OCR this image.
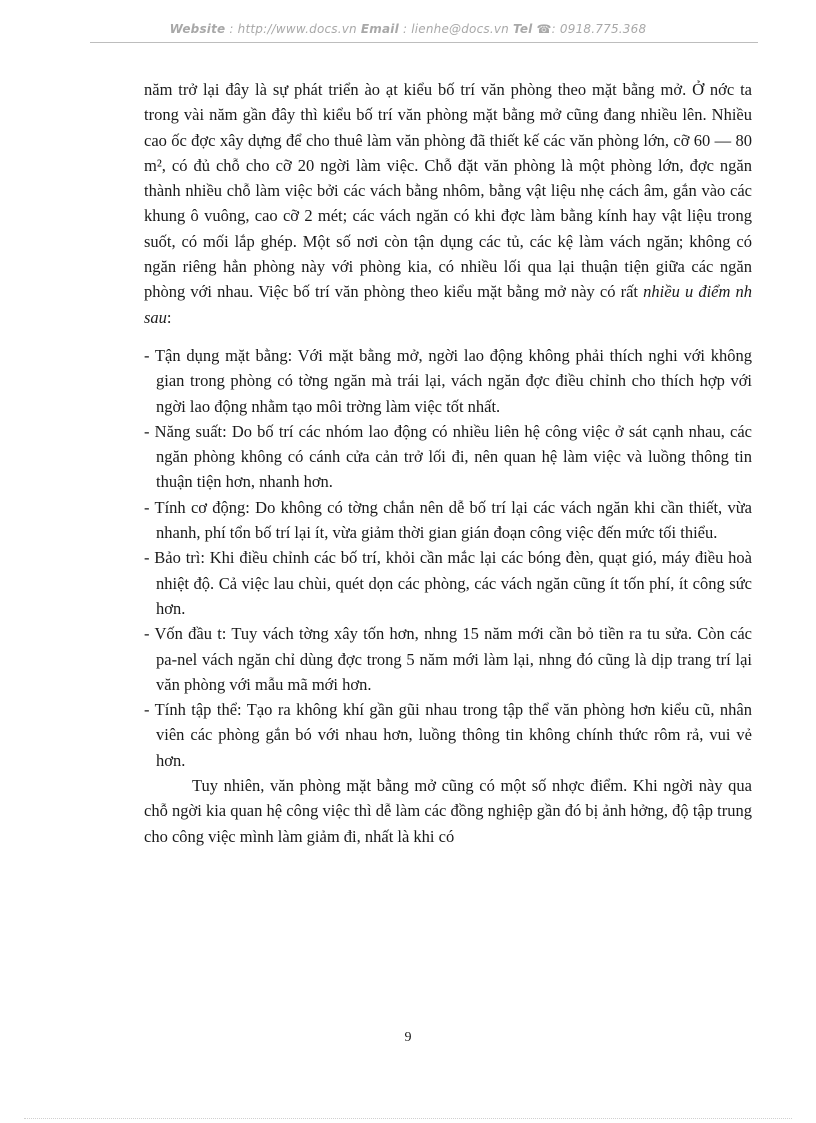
Website : http://www.docs.vn Email : lienhe@docs.vn Tel ☎: 0918.775.368

năm trở lại đây là sự phát triển ào ạt kiểu bố trí văn phòng theo mặt bằng mở. Ở nớc ta trong vài năm gần đây thì kiểu bố trí văn phòng mặt bằng mở cũng đang nhiều lên. Nhiều cao ốc đợc xây dựng để cho thuê làm văn phòng đã thiết kế các văn phòng lớn, cỡ 60 — 80 m², có đủ chỗ cho cỡ 20 ngời làm việc. Chỗ đặt văn phòng là một phòng lớn, đợc ngăn thành nhiều chỗ làm việc bởi các vách bằng nhôm, bằng vật liệu nhẹ cách âm, gắn vào các khung ô vuông, cao cỡ 2 mét; các vách ngăn có khi đợc làm bằng kính hay vật liệu trong suốt, có mối lắp ghép. Một số nơi còn tận dụng các tủ, các kệ làm vách ngăn; không có ngăn riêng hẳn phòng này với phòng kia, có nhiều lối qua lại thuận tiện giữa các ngăn phòng với nhau. Việc bố trí văn phòng theo kiểu mặt bằng mở này có rất nhiều u điểm nh sau:

- Tận dụng mặt bằng: Với mặt bằng mở, ngời lao động không phải thích nghi với không gian trong phòng có tờng ngăn mà trái lại, vách ngăn đợc điều chỉnh cho thích hợp với ngời lao động nhằm tạo môi trờng làm việc tốt nhất.

- Năng suất: Do bố trí các nhóm lao động có nhiều liên hệ công việc ở sát cạnh nhau, các ngăn phòng không có cánh cửa cản trở lối đi, nên quan hệ làm việc và luồng thông tin thuận tiện hơn, nhanh hơn.

- Tính cơ động: Do không có tờng chắn nên dễ bố trí lại các vách ngăn khi cần thiết, vừa nhanh, phí tổn bố trí lại ít, vừa giảm thời gian gián đoạn công việc đến mức tối thiểu.

- Bảo trì: Khi điều chỉnh các bố trí, khỏi cần mắc lại các bóng đèn, quạt gió, máy điều hoà nhiệt độ. Cả việc lau chùi, quét dọn các phòng, các vách ngăn cũng ít tốn phí, ít công sức hơn.

- Vốn đầu t: Tuy vách tờng xây tốn hơn, nhng 15 năm mới cần bỏ tiền ra tu sửa. Còn các pa-nel vách ngăn chỉ dùng đợc trong 5 năm mới làm lại, nhng đó cũng là dịp trang trí lại văn phòng với mẫu mã mới hơn.

- Tính tập thể: Tạo ra không khí gần gũi nhau trong tập thể văn phòng hơn kiểu cũ, nhân viên các phòng gắn bó với nhau hơn, luồng thông tin không chính thức rôm rả, vui vẻ hơn.

Tuy nhiên, văn phòng mặt bằng mở cũng có một số nhợc điểm. Khi ngời này qua chỗ ngời kia quan hệ công việc thì dễ làm các đồng nghiệp gần đó bị ảnh hởng, độ tập trung cho công việc mình làm giảm đi, nhất là khi có

9
